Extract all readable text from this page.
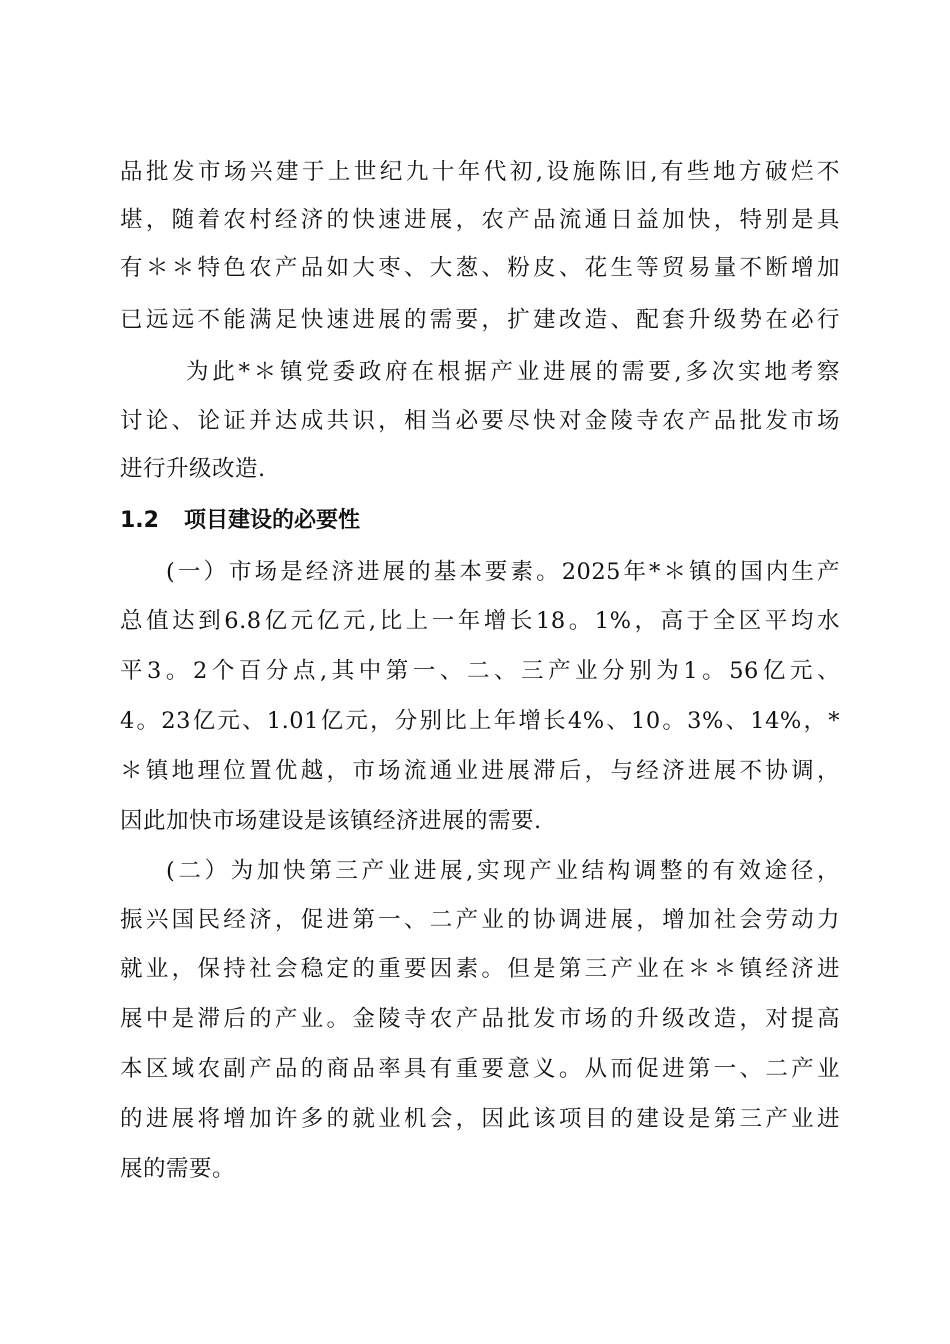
品批发市场兴建于上世纪九十年代初,设施陈旧,有些地方破烂不
堪，随着农村经济的快速进展，农产品流通日益加快，特别是具
有＊＊特色农产品如大枣、大葱、粉皮、花生等贸易量不断增加
已远远不能满足快速进展的需要，扩建改造、配套升级势在必行
为此*＊镇党委政府在根据产业进展的需要,多次实地考察
讨论、论证并达成共识，相当必要尽快对金陵寺农产品批发市场
进行升级改造.
1.2 项目建设的必要性
(一）市场是经济进展的基本要素。2025年*＊镇的国内生产
总值达到6.8亿元亿元,比上一年增长18。1%，高于全区平均水
平3。2个百分点,其中第一、二、三产业分别为1。56亿元、
4。23亿元、1.01亿元，分别比上年增长4%、10。3%、14%，*
＊镇地理位置优越，市场流通业进展滞后，与经济进展不协调，
因此加快市场建设是该镇经济进展的需要.
(二）为加快第三产业进展,实现产业结构调整的有效途径，
振兴国民经济，促进第一、二产业的协调进展，增加社会劳动力
就业，保持社会稳定的重要因素。但是第三产业在＊＊镇经济进
展中是滞后的产业。金陵寺农产品批发市场的升级改造，对提高
本区域农副产品的商品率具有重要意义。从而促进第一、二产业
的进展将增加许多的就业机会，因此该项目的建设是第三产业进
展的需要。
